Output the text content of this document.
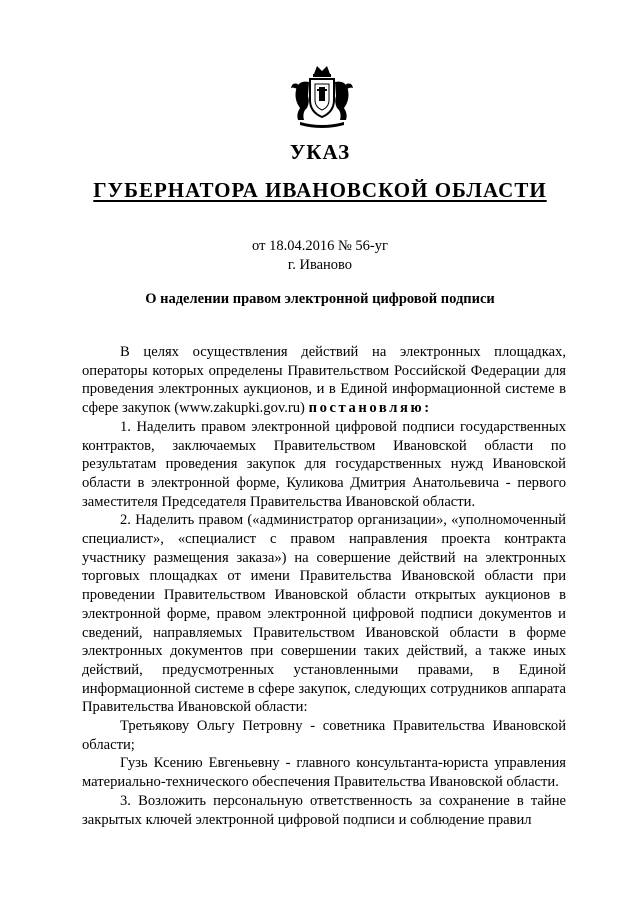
УКАЗ
ГУБЕРНАТОРА ИВАНОВСКОЙ ОБЛАСТИ
от 18.04.2016 № 56-уг
г. Иваново
О наделении правом электронной цифровой подписи

В целях осуществления действий на электронных площадках, операторы которых определены Правительством Российской Федерации для проведения электронных аукционов, и в Единой информационной системе в сфере закупок (www.zakupki.gov.ru) постановляю:

1. Наделить правом электронной цифровой подписи государственных контрактов, заключаемых Правительством Ивановской области по результатам проведения закупок для государственных нужд Ивановской области в электронной форме, Куликова Дмитрия Анатольевича - первого заместителя Председателя Правительства Ивановской области.

2. Наделить правом («администратор организации», «уполномоченный специалист», «специалист с правом направления проекта контракта участнику размещения заказа») на совершение действий на электронных торговых площадках от имени Правительства Ивановской области при проведении Правительством Ивановской области открытых аукционов в электронной форме, правом электронной цифровой подписи документов и сведений, направляемых Правительством Ивановской области в форме электронных документов при совершении таких действий, а также иных действий, предусмотренных установленными правами, в Единой информационной системе в сфере закупок, следующих сотрудников аппарата Правительства Ивановской области:

Третьякову Ольгу Петровну - советника Правительства Ивановской области;

Гузь Ксению Евгеньевну - главного консультанта-юриста управления материально-технического обеспечения Правительства Ивановской области.

3. Возложить персональную ответственность за сохранение в тайне закрытых ключей электронной цифровой подписи и соблюдение правил
